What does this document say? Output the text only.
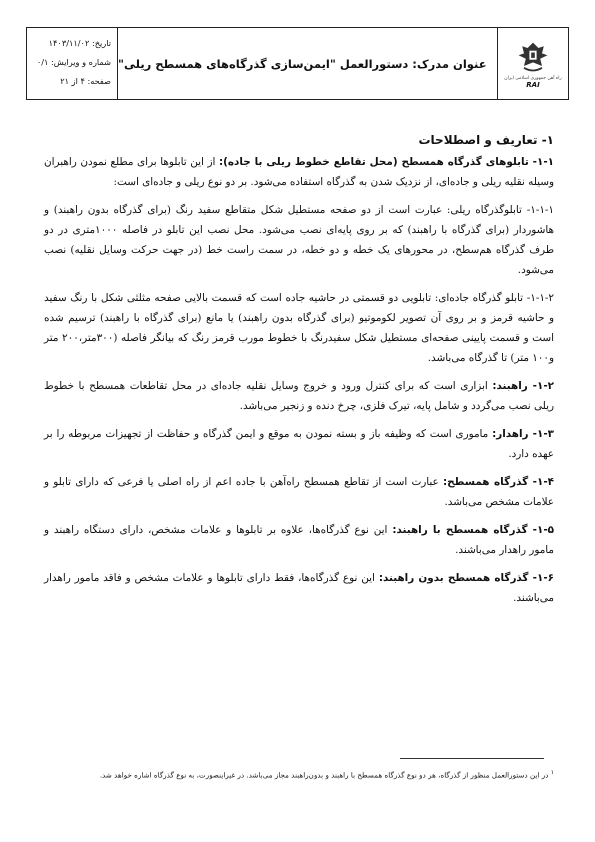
تاریخ: ۱۴۰۳/۱۱/۰۲
شماره و ویرایش: ۰/۱
صفحه: ۴ از ۲۱
عنوان مدرک: دستورالعمل "ایمن‌سازی گذرگاه‌های همسطح ریلی"
راه آهن جمهوری اسلامی ایران
RAI
۱- تعاریف و اصطلاحات

۱-۱- تابلوهای گذرگاه همسطح (محل تقاطع خطوط ریلی با جاده): از این تابلوها برای مطلع نمودن راهبران وسیله نقلیه ریلی و جاده‌ای، از نزدیک شدن به گذرگاه استفاده می‌شود. بر دو نوع ریلی و جاده‌ای است:

۱-۱-۱- تابلوگذرگاه ریلی: عبارت است از دو صفحه مستطیل شکل متقاطع سفید رنگ (برای گذرگاه بدون راهبند) و هاشوردار (برای گذرگاه با راهبند) که بر روی پایه‌ای نصب می‌شود. محل نصب این تابلو در فاصله ۱۰۰۰متری در دو طرف گذرگاه هم‌سطح، در محورهای یک خطه و دو خطه، در سمت راست خط (در جهت حرکت وسایل نقلیه) نصب می‌شود.

۱-۱-۲- تابلو گذرگاه جاده‌ای: تابلویی دو قسمتی در حاشیه جاده است که قسمت بالایی صفحه مثلثی شکل با رنگ سفید و حاشیه قرمز و بر روی آن تصویر لکوموتیو (برای گذرگاه بدون راهبند) یا مانع (برای گذرگاه با راهبند) ترسیم شده است و قسمت پایینی صفحه‌ای مستطیل شکل سفیدرنگ با خطوط مورب قرمز رنگ که بیانگر فاصله (۳۰۰متر،۲۰۰ متر و۱۰۰ متر) تا گذرگاه می‌باشد.

۱-۲- راهبند: ابزاری است که برای کنترل ورود و خروج وسایل نقلیه جاده‌ای در محل تقاطعات همسطح با خطوط ریلی نصب می‌گردد و شامل پایه، تیرک فلزی، چرخ دنده و زنجیر می‌باشد.

۱-۳- راهدار: ماموری است که وظیفه باز و بسته نمودن به موقع و ایمن گذرگاه و حفاظت از تجهیزات مربوطه را بر عهده دارد.

۱-۴- گذرگاه همسطح: عبارت است از تقاطع همسطح راه‌آهن با جاده اعم از راه اصلی یا فرعی که دارای تابلو و علامات مشخص می‌باشد.

۱-۵- گذرگاه همسطح با راهبند: این نوع گذرگاه‌ها، علاوه بر تابلوها و علامات مشخص، دارای دستگاه راهبند و مامور راهدار می‌باشند.

۱-۶- گذرگاه همسطح بدون راهبند: این نوع گذرگاه‌ها، فقط دارای تابلوها و علامات مشخص و فاقد مامور راهدار می‌باشند.

$^۱$ در این دستورالعمل منظور از گذرگاه، هر دو نوع گذرگاه همسطح با راهبند و بدون‌راهبند مجاز می‌باشد. در غیراینصورت، به نوع گذرگاه اشاره خواهد شد.
